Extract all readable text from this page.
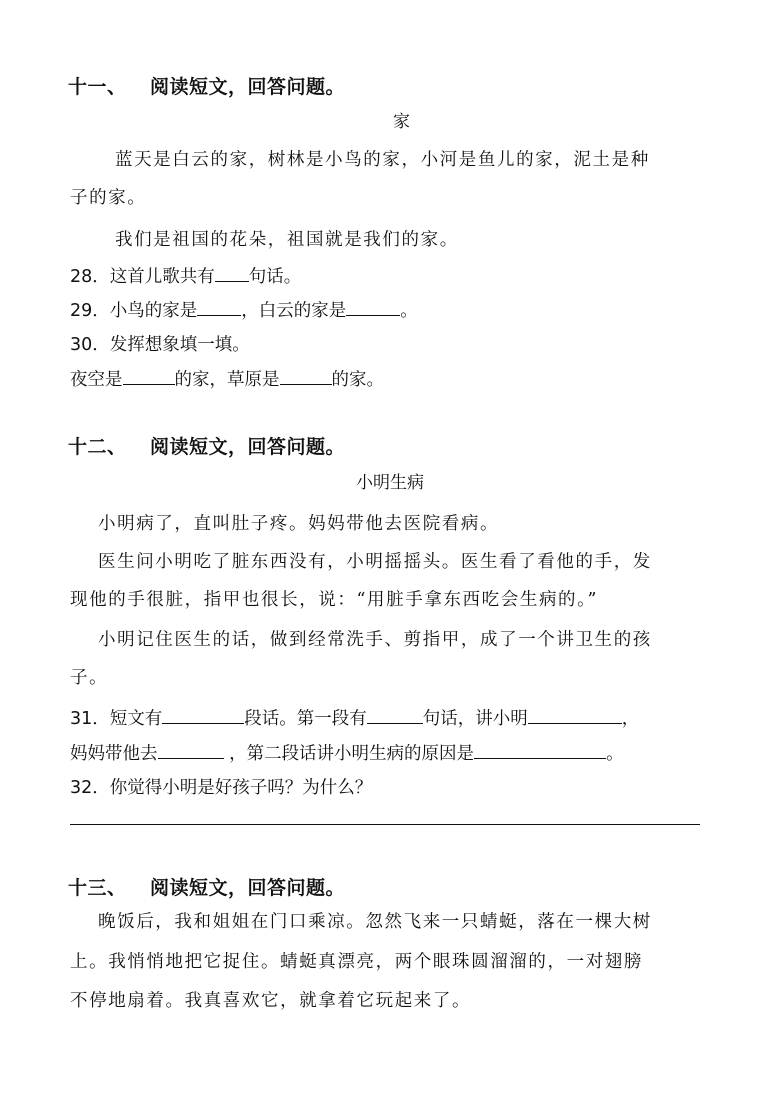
十一、 阅读短文，回答问题。
家
蓝天是白云的家，树林是小鸟的家，小河是鱼儿的家，泥土是种
子的家。
我们是祖国的花朵，祖国就是我们的家。
28．这首儿歌共有 句话。
29．小鸟的家是	，白云的家是	。
30．发挥想象填一填。
夜空是	的家，草原是	的家。
十二、 阅读短文，回答问题。
小明生病
小明病了，直叫肚子疼。妈妈带他去医院看病。
医生问小明吃了脏东西没有，小明摇摇头。医生看了看他的手，发
现他的手很脏，指甲也很长，说：“用脏手拿东西吃会生病的。”
小明记住医生的话，做到经常洗手、剪指甲，成了一个讲卫生的孩
子。
31．短文有	段话。第一段有	句话，讲小明	，
妈妈带他去	，第二段话讲小明生病的原因是	。
32．你觉得小明是好孩子吗？为什么？
十三、 阅读短文，回答问题。
晚饭后，我和姐姐在门口乘凉。忽然飞来一只蜻蜓，落在一棵大树
上。我悄悄地把它捉住。蜻蜓真漂亮，两个眼珠圆溜溜的，一对翅膀
不停地扇着。我真喜欢它，就拿着它玩起来了。
